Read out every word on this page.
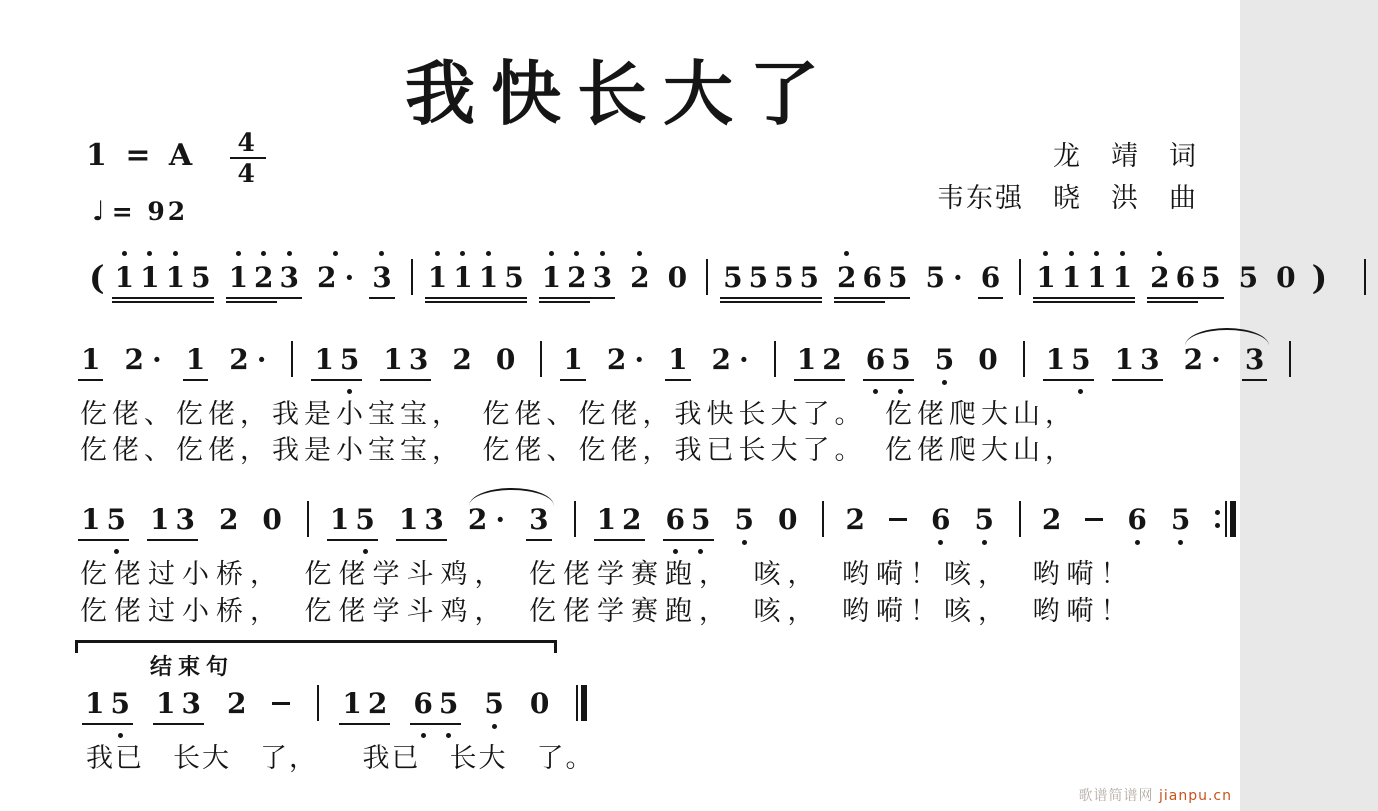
我快长大了
1 = A 4
4
♩ = 92
龙　靖　词
韦东强　晓　洪　曲
( 1 1 1 5 1 2 3 2 · 3 1 1 1 5 1 2 3 2 0 5 5 5 5 2 6 5 5 · 6 1 1 1 1 2 6 5 5 0 )
1 2 · 1 2 · 1 5 1 3 2 0 1 2 · 1 2 · 1 2 6 5 5 0 1 5 1 3 2 · 3
仡佬、仡佬，我是小宝宝，　仡佬、仡佬，我快长大了。　仡佬爬大山，
仡佬、仡佬，我是小宝宝，　仡佬、仡佬，我已长大了。　仡佬爬大山，
1 5 1 3 2 0 1 5 1 3 2 · 3 1 2 6 5 5 0 2 6 5 2 6 5
仡佬过小桥，　仡佬学斗鸡，　仡佬学赛跑，　咳，　哟嗬！咳，　哟嗬！
仡佬过小桥，　仡佬学斗鸡，　仡佬学赛跑，　咳，　哟嗬！咳，　哟嗬！
结束句
1 5 1 3 2	1 2 6 5 5 0
我已　长大　了，　　我已　长大　了。
歌谱简谱网 jianpu.cn
